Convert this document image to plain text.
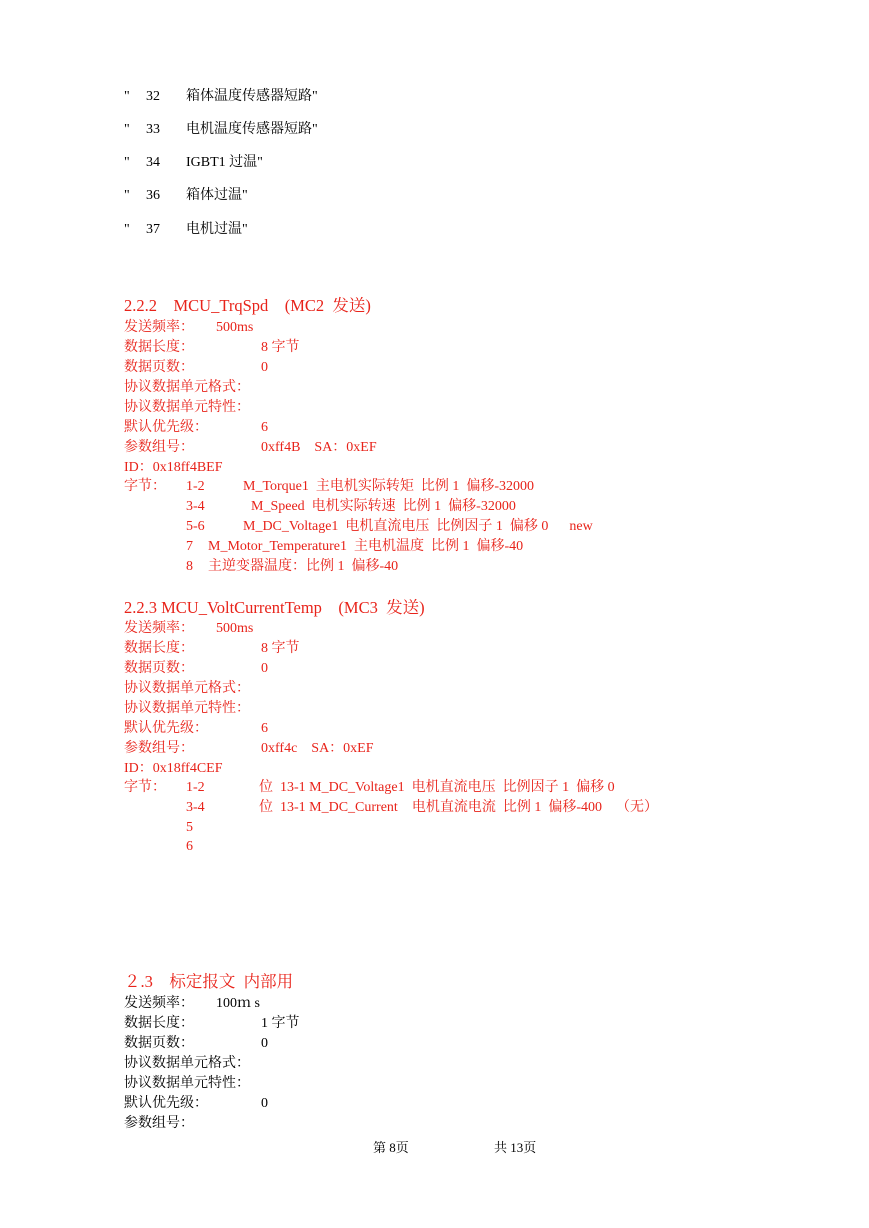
" 32 箱体温度传感器短路"
" 33 电机温度传感器短路"
" 34 IGBT1 过温"
" 36 箱体过温"
" 37 电机过温"
2.2.2    MCU_TrqSpd    (MC2  发送)
发送频率： 500ms
数据长度：	8 字节
数据页数：	0
协议数据单元格式：
协议数据单元特性：
默认优先级：	6
参数组号：	0xff4B    SA：0xEF
ID：0x18ff4BEF
字节： 1-2	M_Torque1  主电机实际转矩  比例 1  偏移-32000
3-4	M_Speed  电机实际转速  比例 1  偏移-32000
5-6	M_DC_Voltage1  电机直流电压  比例因子 1  偏移 0      new
7 M_Motor_Temperature1  主电机温度  比例 1  偏移-40
8 主逆变器温度：比例 1  偏移-40
2.2.3 MCU_VoltCurrentTemp    (MC3  发送)
发送频率： 500ms
数据长度：	8 字节
数据页数：	0
协议数据单元格式：
协议数据单元特性：
默认优先级：	6
参数组号：	0xff4c    SA：0xEF
ID：0x18ff4CEF
字节： 1-2	位  13-1 M_DC_Voltage1  电机直流电压  比例因子 1  偏移 0
3-4	位  13-1 M_DC_Current    电机直流电流  比例 1  偏移-400    （无）
5
6
２.3    标定报文  内部用
发送频率： 100ｍ s
数据长度：	1 字节
数据页数：	0
协议数据单元格式：
协议数据单元特性：
默认优先级：	0
参数组号：
第 8页	共 13页
